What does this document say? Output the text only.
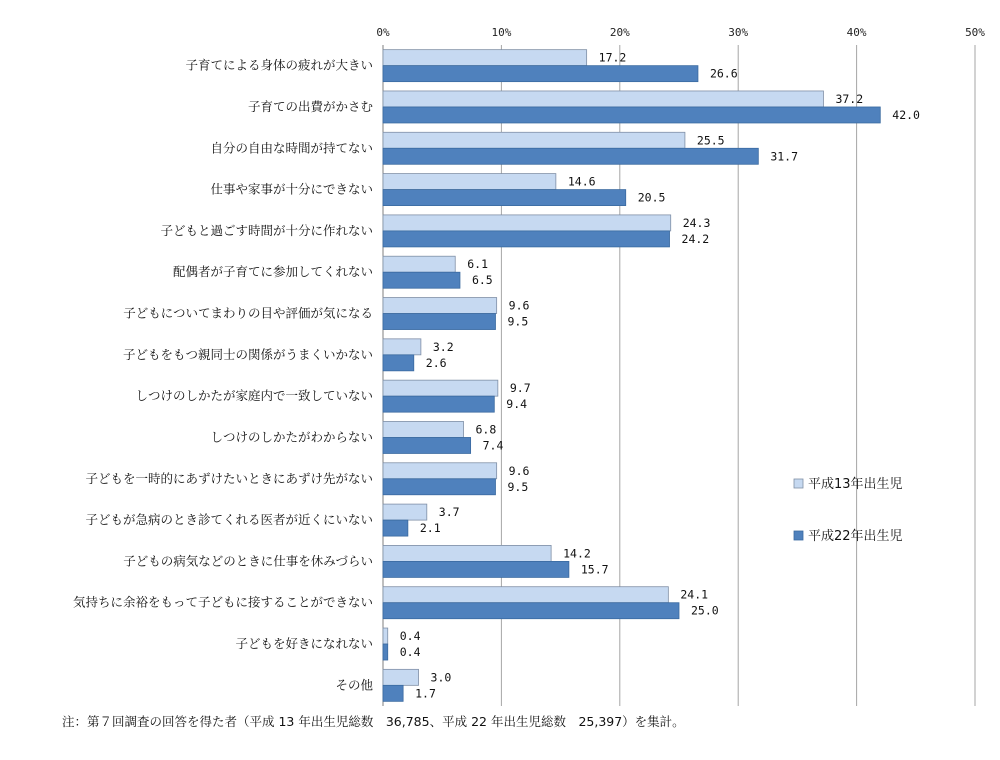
0%	10%	20%	30%	40%	50%
子育てによる身体の疲れが大きい	17.2
26.6
子育ての出費がかさむ	37.2
42.0
自分の自由な時間が持てない	25.5
31.7
仕事や家事が十分にできない	14.6
20.5
子どもと過ごす時間が十分に作れない	24.3
24.2
配偶者が子育てに参加してくれない	6.1
6.5
子どもについてまわりの目や評価が気になる	9.6
9.5
子どもをもつ親同士の関係がうまくいかない	3.2
2.6
しつけのしかたが家庭内で一致していない	9.7
9.4
しつけのしかたがわからない	6.8
7.4
子どもを一時的にあずけたいときにあずけ先がない	9.6
9.5
子どもが急病のとき診てくれる医者が近くにいない	3.7
2.1
子どもの病気などのときに仕事を休みづらい	14.2
15.7
気持ちに余裕をもって子どもに接することができない	24.1
25.0
子どもを好きになれない 0.4
0.4
その他	3.0
1.7
平成13年出生児
平成22年出生児
注：第７回調査の回答を得た者（平成 13 年出生児総数　36,785、平成 22 年出生児総数　25,397）を集計。
